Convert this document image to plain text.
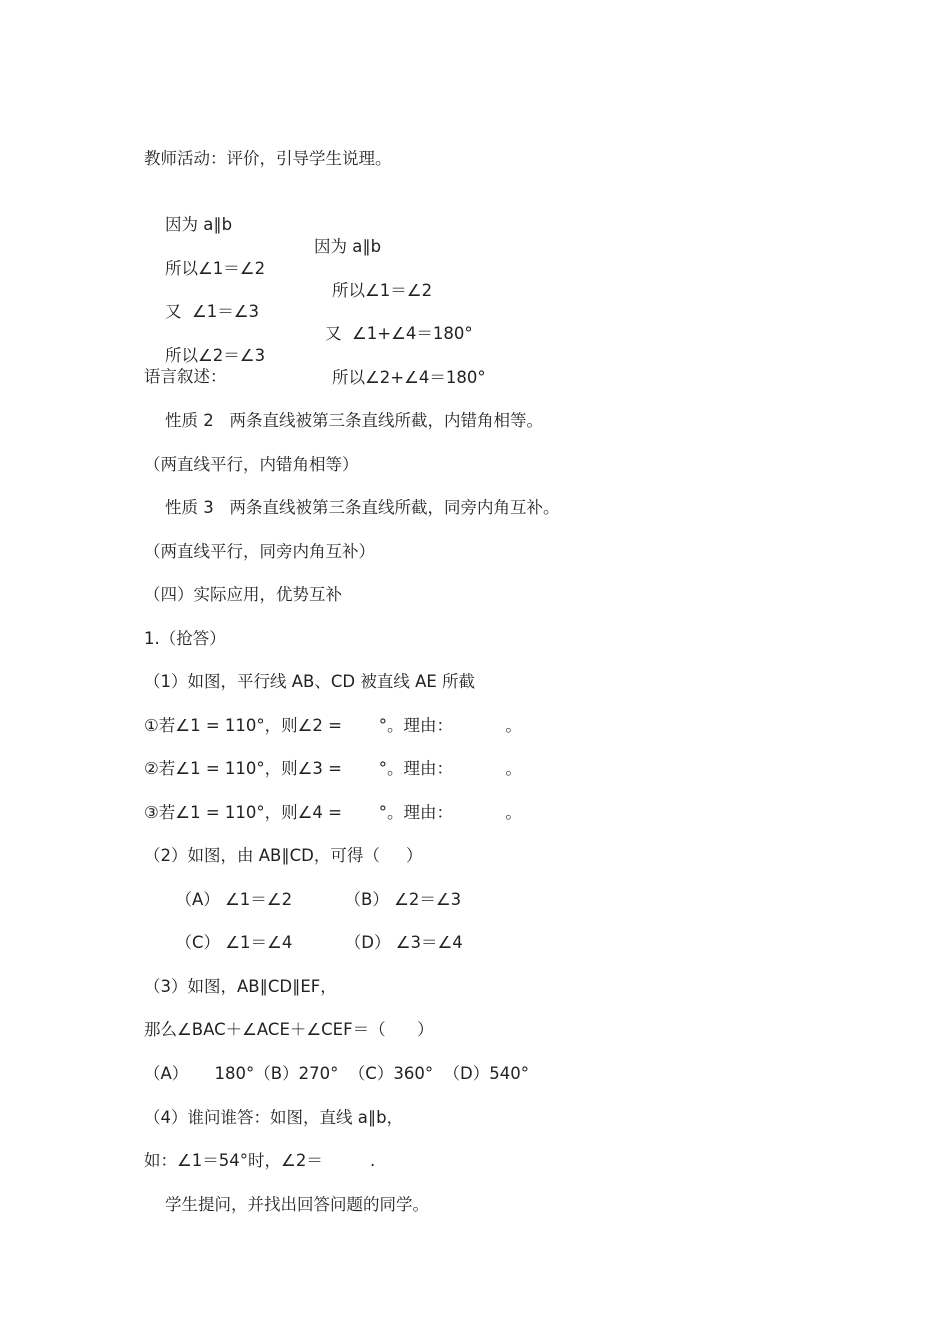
教师活动：评价，引导学生说理。

因为 a∥b

因为 a∥b

所以∠1＝∠2

所以∠1＝∠2

又  ∠1＝∠3

又  ∠1+∠4＝180°

所以∠2＝∠3

所以∠2+∠4＝180°

语言叙述：
性质 2   两条直线被第三条直线所截，内错角相等。
（两直线平行，内错角相等）
性质 3   两条直线被第三条直线所截，同旁内角互补。
（两直线平行，同旁内角互补）
（四）实际应用，优势互补
1.（抢答）
（1）如图，平行线 AB、CD 被直线 AE 所截
①若∠1 = 110°，则∠2 =       °。理由：          。
②若∠1 = 110°，则∠3 =       °。理由：          。
③若∠1 = 110°，则∠4 =       °。理由：          。
（2）如图，由 AB∥CD，可得（     ）
（A） ∠1＝∠2          （B） ∠2＝∠3
（C） ∠1＝∠4          （D） ∠3＝∠4
（3）如图，AB∥CD∥EF，
那么∠BAC＋∠ACE＋∠CEF＝（      ）
（A）     180°（B）270°  （C）360°  （D）540°
（4）谁问谁答：如图，直线 a∥b，
如：∠1＝54°时，∠2＝         .
学生提问，并找出回答问题的同学。
